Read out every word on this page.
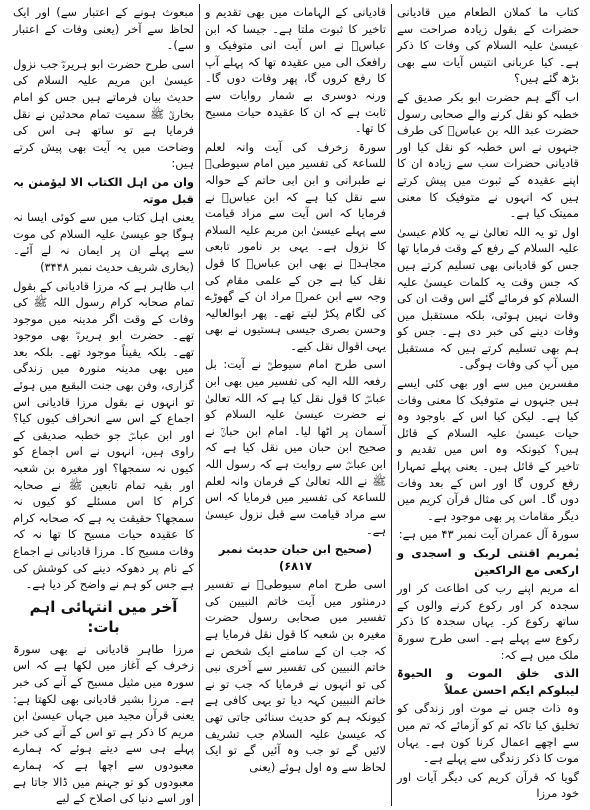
کتاب ما کملان الطعام میں قادیانی حضرات کے بقول زیادہ صراحت سے عیسیٰ علیہ السلام کی وفات کا ذکر ہے۔ کیا عربانی انتیس آیات سے بھی بڑھ گئے ہیں؟

اب آگے ہم حضرت ابو بکر صدیق کے خطبہ کو نقل کرنے والے صحابی رسول حضرت عبد اللہ بن عباسؓ کی طرف جنہوں نے اس خطبہ کو نقل کیا اور قادیانی حضرات سب سے زیادہ ان کا اپنے عقیدہ کے ثبوت میں پیش کرتے ہیں کہ انہوں نے متوفیک کا معنی ممیتک کیا ہے۔

اول تو یہ اللہ تعالیٰ نے یہ کلام عیسیٰ علیہ السلام کے رفع کے وقت فرمایا تھا جس کو قادیانی بھی تسلیم کرتے ہیں کہ جس وقت یہ کلمات عیسیٰ علیہ السلام کو فرمائے گئے اس وقت ان کی وفات نہیں ہوئی، بلکہ مستقبل میں وفات دینے کی خبر دی ہے۔ جس کو ہم بھی تسلیم کرتے ہیں کہ مستقبل میں آپ کی وفات ہوگی۔

مفسرین میں سے اور بھی کئی ایسے ہیں جنہوں نے متوفیک کا معنی وفات کیا ہے۔ لیکن کیا اس کے باوجود وہ حیات عیسیٰ علیہ السلام کے قائل ہیں؟ کیونکہ وہ اس میں تقدیم و تاخیر کے قائل ہیں۔ یعنی پہلے تمہارا رفع کروں گا اور اس کے بعد وفات دوں گا۔ اس کی مثال قرآن کریم میں دیگر مقامات پر بھی موجود ہے۔

سورۃ آل عمران آیت نمبر ۴۳ میں ہے:

یٰمریم اقنتی لربک و اسجدی و ارکعی مع الراکعین

اے مریم اپنے رب کی اطاعت کر اور سجدہ کر اور رکوع کرنے والوں کے ساتھ رکوع کر۔ یہاں سجدہ کا ذکر رکوع سے پہلے ہے۔ اسی طرح سورۃ ملک میں ہے کہ:

الذی خلق الموت و الحیوۃ لیبلوکم ایکم احسن عملاً

وہ ذات جس نے موت اور زندگی کو تخلیق کیا تاکہ تم کو آزمائے کہ تم میں سے اچھے اعمال کرنا کون ہے۔ یہاں موت کا ذکر زندگی سے پہلے ہے۔

گویا کہ قرآن کریم کی دیگر آیات اور خود مرزا

قادیانی کے الہامات میں بھی تقدیم و تاخیر کا ثبوت ملتا ہے۔ جیسا کہ ابن عباسؓ نے اس آیت انی متوفیک و رافعک الی میں عقیدہ تھا کہ پہلے آپ کا رفع کروں گا، پھر وفات دوں گا۔ ورنہ دوسری بے شمار روایات سے ثابت ہے کہ ان کا عقیدہ حیات مسیح کا تھا۔

سورۃ زخرف کی آیت وانہ لعلم للساعۃ کی تفسیر میں امام سیوطیؒ نے طبرانی و ابن ابی حاتم کے حوالہ سے نقل کیا ہے کہ ابن عباسؓ نے فرمایا کہ اس آیت سے مراد قیامت سے پہلے عیسیٰ ابن مریم علیہ السلام کا نزول ہے۔ یہی بر نامور تابعی مجاہدؒ نے بھی ابن عباسؓ کا قول نقل کیا ہے جن کے علمی مقام کی وجہ سے ابن عمرؓ مراد ان کے گھوڑے کی لگام پکڑ لیتے تھے۔ پھر ابوالعالیہ وحسن بصری جیسی ہستیوں نے بھی یہی اقوال نقل کیے۔

اسی طرح امام سیوطیؒ نے آیت: بل رفعہ اللہ الیہ کی تفسیر میں بھی ابن عباسؓ کا قول نقل کیا ہے کہ اللہ تعالیٰ نے حضرت عیسیٰ علیہ السلام کو آسمان پر اٹھا لیا۔ امام ابن حبانؒ نے صحیح ابن حبان میں نقل کیا ہے کہ ابن عباسؓ سے روایت ہے کہ رسول اللہ ﷺ نے اللہ تعالیٰ کے فرمان وانہ لعلم للساعۃ کی تفسیر میں فرمایا کہ اس سے مراد قیامت سے قبل نزول عیسیٰ ہے۔

(صحیح ابن حبان حدیث نمبر ۶۸۱۷)

اسی طرح امام سیوطیؒ نے تفسیر درمنثور میں آیت خاتم النبیین کی تفسیر میں صحابی رسول حضرت مغیرہ بن شعبہ کا قول نقل فرمایا ہے کہ جب ان کے سامنے ایک شخص نے خاتم النبیین کی تفسیر سے آخری نبی کی تو انہوں نے فرمایا کہ جب تو نے خاتم النبیین کہہ دیا تو یہی کافی ہے کیونکہ ہم کو حدیث سنائی جاتی تھی کہ عیسیٰ علیہ السلام جب تشریف لائیں گے تو جب وہ آئیں گے تو ایک لحاظ سے وہ اول ہوئے (یعنی

مبعوث ہونے کے اعتبار سے) اور ایک لحاظ سے آخر (یعنی وفات کے اعتبار سے)۔

اسی طرح حضرت ابو ہریرہؓ جب نزول عیسیٰ ابن مریم علیہ السلام کی حدیث بیان فرماتے ہیں جس کو امام بخاریؒ ﷺ سمیت تمام محدثین نے نقل فرمایا ہے تو ساتھ ہی اس کی وضاحت میں یہ آیت بھی پیش کرتے ہیں:

وان من اہل الکتاب الا لیؤمنن بہ قبل موتہ

یعنی اہل کتاب میں سے کوئی ایسا نہ ہوگا جو عیسیٰ علیہ السلام کی موت سے پہلے ان پر ایمان نہ لے آئے۔ (بخاری شریف حدیث نمبر ۳۴۴۸)

اب ظاہر ہے کہ مرزا قادیانی کے بقول تمام صحابہ کرام رسول اللہ ﷺ کی وفات کے وقت اگر مدینہ میں موجود تھے۔ حضرت ابو ہریرہؓ بھی موجود تھے۔ بلکہ یقیناً موجود تھے۔ بلکہ بعد میں بھی مدینہ منورہ میں زندگی گزاری، وفن بھی جنت البقیع میں ہوئے تو انہوں نے بقول مرزا قادیانی اس اجماع کے اس سے انحراف کیوں کیا؟ اور ابن عباسؓ جو خطبہ صدیقی کے راوی ہیں، انہوں نے اس اجماع کو کیوں نہ سمجھا؟ اور مغیرہ بن شعبہ اور بقیہ تمام تابعین ﷺ نے صحابہ کرام کا اس مسئلے کو کیوں نہ سمجھا؟ حقیقت یہ ہے کہ صحابہ کرام کا عقیدہ حیات مسیح کا تھا نہ کہ وفات مسیح کا۔ مرزا قادیانی نے اجماع کے نام پر دھوکہ دینے کی کوشش کی ہے جس کو ہم نے واضح کر دیا ہے۔

آخر میں انتہائی اہم بات:

مرزا طاہر قادیانی نے بھی سورۃ زخرف کے آغاز میں لکھا ہے کہ اس سورہ میں مثیل مسیح کے آنے کی خبر ہے۔ مرزا بشیر قادیانی بھی لکھتا ہے: یعنی قرآن مجید میں جہاں عیسیٰ ابن مریم کا ذکر ہے تو اس کے آنے کی خبر پہلے ہی سے دیتے ہوئے کہ ہمارے معبودوں سے اچھا ہے کہ ہمارے معبودوں کو تو جہنم میں ڈالا جاتا ہے اور اسے دنیا کی اصلاح کے لیے
